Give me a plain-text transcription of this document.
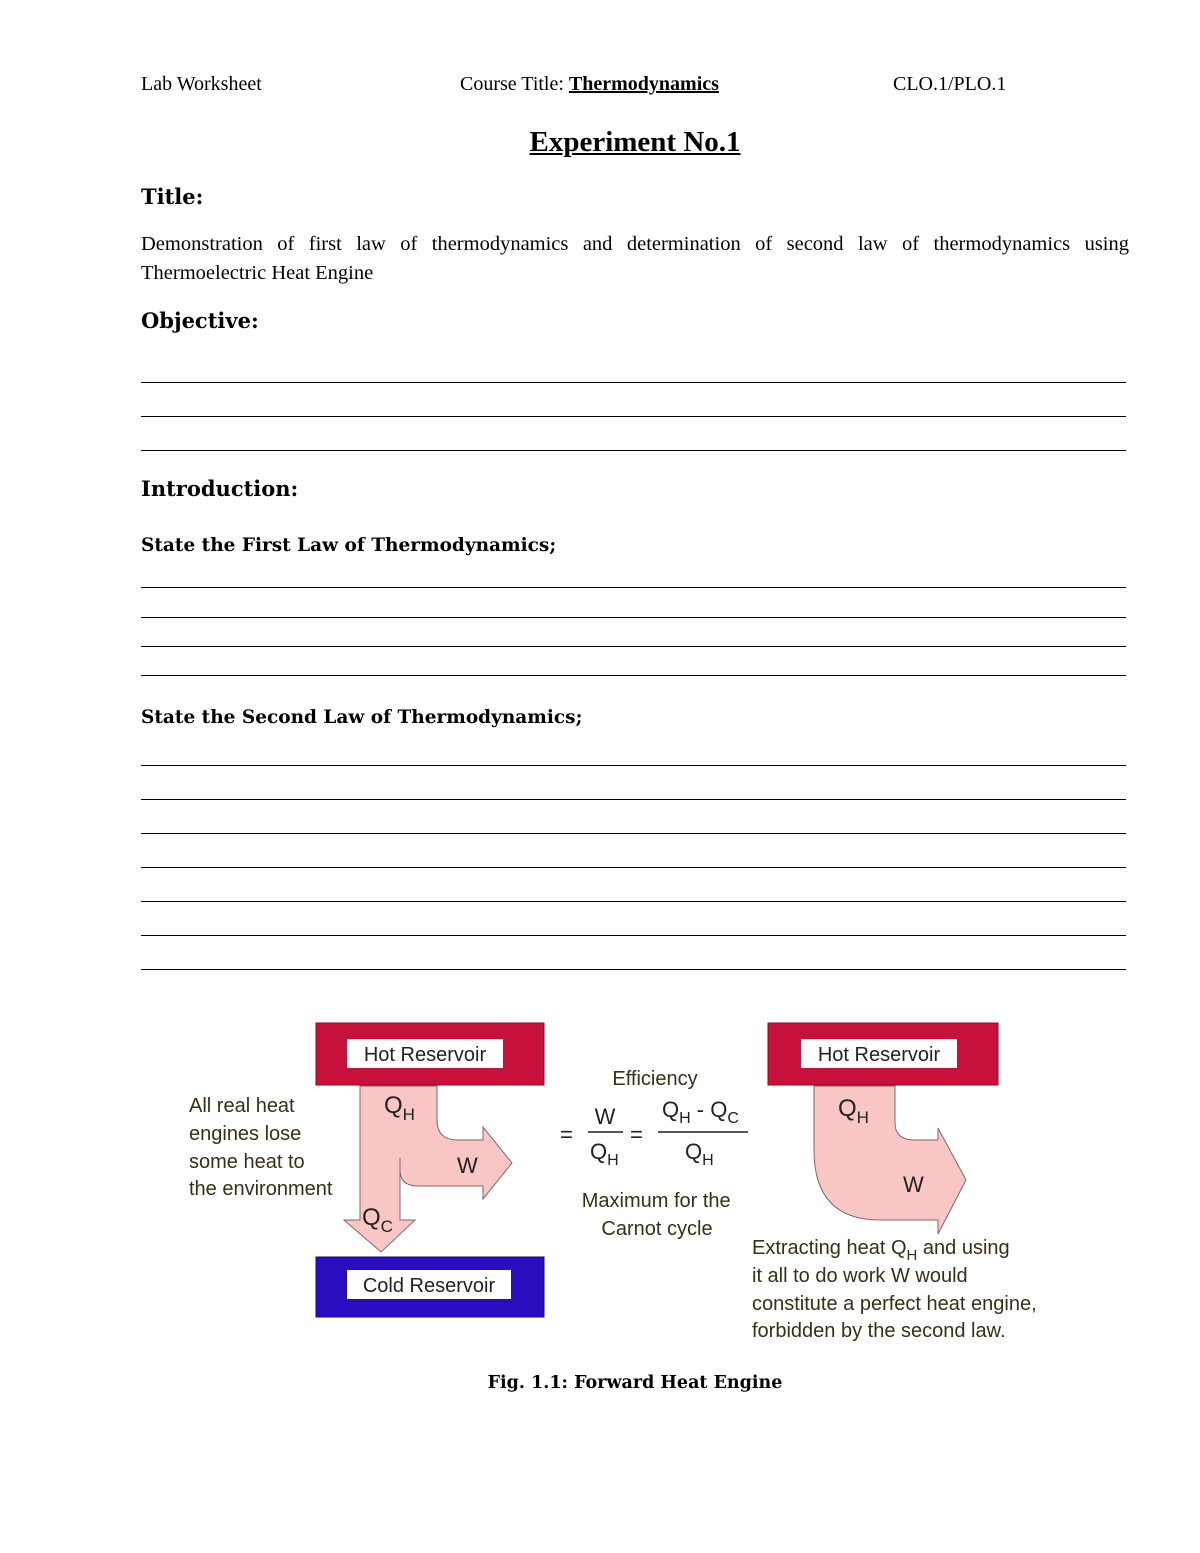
Lab Worksheet	Course Title: Thermodynamics	CLO.1/PLO.1
Experiment No.1
Title:
Demonstration of first law of thermodynamics and determination of second law of thermodynamics using Thermoelectric Heat Engine
Objective:
Introduction:
State the First Law of Thermodynamics;
State the Second Law of Thermodynamics;
Hot Reservoir
$Q_H$
W
$Q_C$
Cold Reservoir
All real heat engines lose some heat to the environment
Efficiency
=
W
$Q_H$
=
$Q_H - Q_C$
$Q_H$
Maximum for the Carnot cycle
Hot Reservoir
$Q_H$
W
Extracting heat $Q_H$ and using it all to do work W would constitute a perfect heat engine, forbidden by the second law.
Fig. 1.1: Forward Heat Engine
